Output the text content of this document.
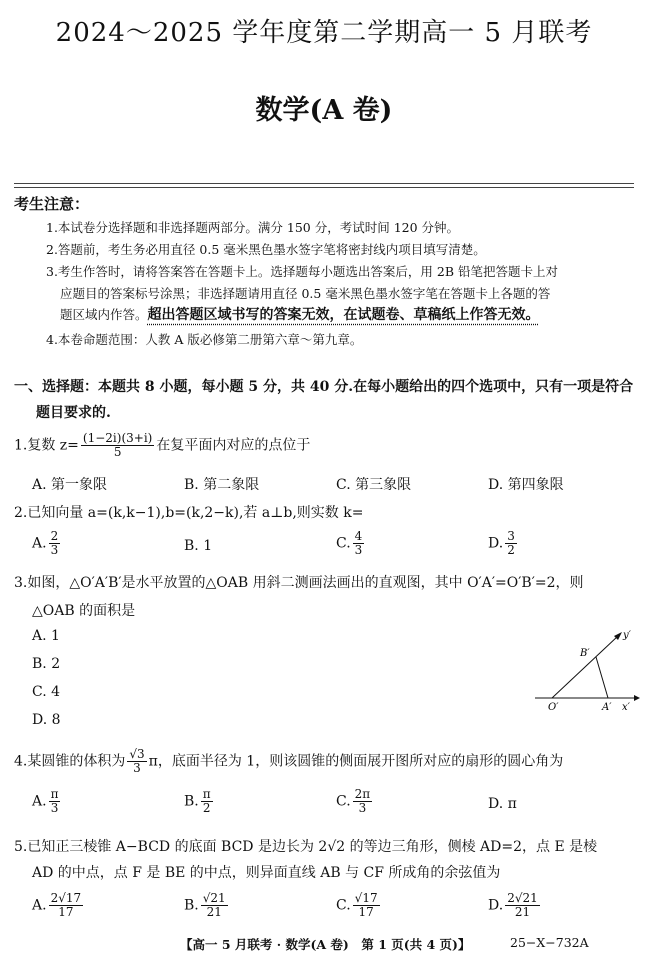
2024～2025 学年度第二学期高一 5 月联考
数学(A 卷)
考生注意：
1.本试卷分选择题和非选择题两部分。满分 150 分，考试时间 120 分钟。
2.答题前，考生务必用直径 0.5 毫米黑色墨水签字笔将密封线内项目填写清楚。
3.考生作答时，请将答案答在答题卡上。选择题每小题选出答案后，用 2B 铅笔把答题卡上对
应题目的答案标号涂黑；非选择题请用直径 0.5 毫米黑色墨水签字笔在答题卡上各题的答
题区域内作答。超出答题区域书写的答案无效，在试题卷、草稿纸上作答无效。
4.本卷命题范围：人教 A 版必修第二册第六章～第九章。
一、选择题：本题共 8 小题，每小题 5 分，共 40 分.在每小题给出的四个选项中，只有一项是符合
题目要求的.
1.复数 $z= \frac{(1-2i)(3+i)}{5}$ 在复平面内对应的点位于
A. 第一象限	B. 第二象限	C. 第三象限	D. 第四象限
2.已知向量 a=(k,k−1),b=(k,2−k),若 a⊥b,则实数 k=
A. $\frac{2}{3}$	B. 1	C. $\frac{4}{3}$	D. $\frac{3}{2}$
3.如图，△O′A′B′是水平放置的△OAB 用斜二测画法画出的直观图，其中 O′A′=O′B′=2，则
△OAB 的面积是
A. 1
B. 2
C. 4
D. 8
y′
B′
O′	A′ x′
4.某圆锥的体积为 $\frac{√3}{3}$ π，底面半径为 1，则该圆锥的侧面展开图所对应的扇形的圆心角为
A. $\frac{\pi}{3}$	B. $\frac{\pi}{2}$	C. $\frac{2\pi}{3}$	D. π
5.已知正三棱锥 A−BCD 的底面 BCD 是边长为 2√2 的等边三角形，侧棱 AD=2，点 E 是棱
AD 的中点，点 F 是 BE 的中点，则异面直线 AB 与 CF 所成角的余弦值为
A. $\frac{2√17}{17}$	B. $\frac{√21}{21}$	C. $\frac{√17}{17}$	D. $\frac{2√21}{21}$
【高一 5 月联考 · 数学(A 卷)　第 1 页(共 4 页)】	25−X−732A
